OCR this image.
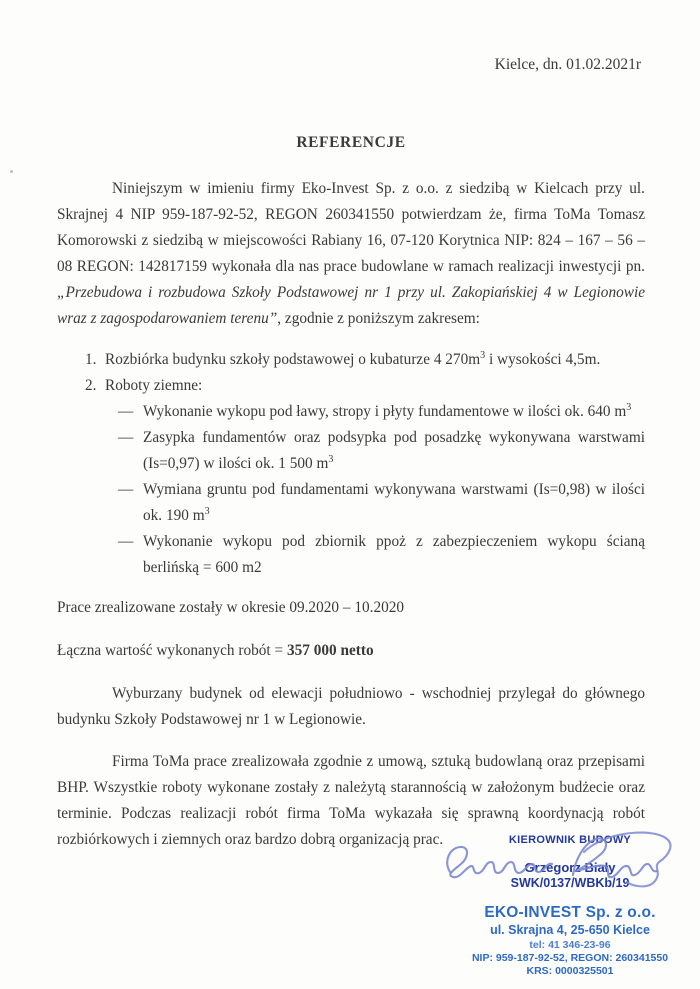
Kielce, dn. 01.02.2021r
REFERENCJE

Niniejszym w imieniu firmy Eko-Invest Sp. z o.o. z siedzibą w Kielcach przy ul. Skrajnej 4 NIP 959-187-92-52, REGON 260341550 potwierdzam że, firma ToMa Tomasz Komorowski z siedzibą w miejscowości Rabiany 16, 07-120 Korytnica NIP: 824 – 167 – 56 – 08 REGON: 142817159 wykonała dla nas prace budowlane w ramach realizacji inwestycji pn. „Przebudowa i rozbudowa Szkoły Podstawowej nr 1 przy ul. Zakopiańskiej 4 w Legionowie wraz z zagospodarowaniem terenu”, zgodnie z poniższym zakresem:

1. Rozbiórka budynku szkoły podstawowej o kubaturze 4 $270m^3$ i wysokości 4,5m.
2. Roboty ziemne:
— Wykonanie wykopu pod ławy, stropy i płyty fundamentowe w ilości ok. 640 $m^3$
— Zasypka fundamentów oraz podsypka pod posadzkę wykonywana warstwami (Is=0,97) w ilości ok. 1 500 $m^3$
— Wymiana gruntu pod fundamentami wykonywana warstwami (Is=0,98) w ilości ok. 190 $m^3$
— Wykonanie wykopu pod zbiornik ppoż z zabezpieczeniem wykopu ścianą berlińską = 600 m2

Prace zrealizowane zostały w okresie 09.2020 – 10.2020

Łączna wartość wykonanych robót = 357 000 netto

Wyburzany budynek od elewacji południowo - wschodniej przylegał do głównego budynku Szkoły Podstawowej nr 1 w Legionowie.

Firma ToMa prace zrealizowała zgodnie z umową, sztuką budowlaną oraz przepisami BHP. Wszystkie roboty wykonane zostały z należytą starannością w założonym budżecie oraz terminie. Podczas realizacji robót firma ToMa wykazała się sprawną koordynacją robót rozbiórkowych i ziemnych oraz bardzo dobrą organizacją prac.	KIEROWNIK BUDOWY
Grzegorz Biały
SWK/0137/WBKb/19
EKO-INVEST Sp. z o.o.
ul. Skrajna 4, 25-650 Kielce
tel: 41 346-23-96
NIP: 959-187-92-52, REGON: 260341550
KRS: 0000325501
